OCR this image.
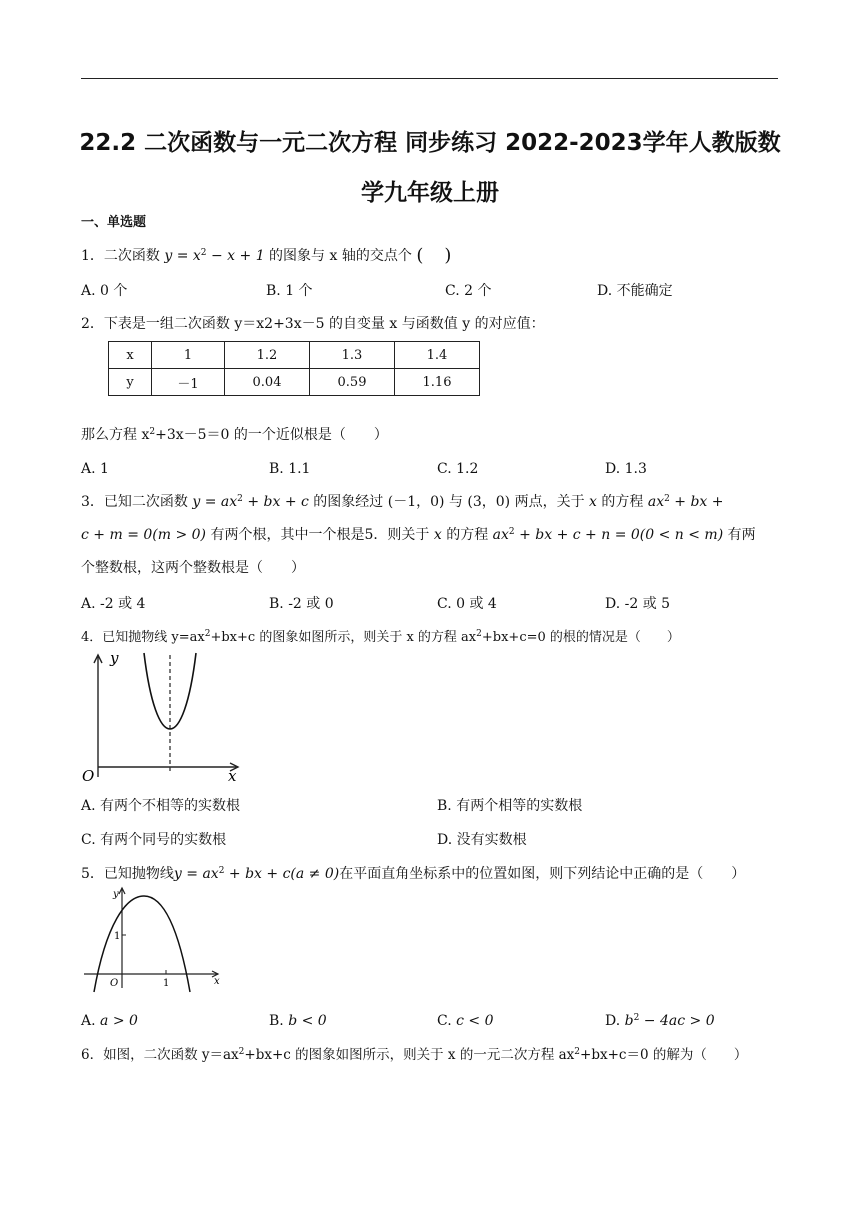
22.2 二次函数与一元二次方程 同步练习 2022-2023学年人教版数学九年级上册
一、单选题
1．二次函数 $y = x^2 - x + 1$ 的图象与 x 轴的交点个 (   )
A. 0 个	B. 1 个	C. 2 个	D. 不能确定
2．下表是一组二次函数 y＝x2+3x－5 的自变量 x 与函数值 y 的对应值：
x	1	1.2	1.3	1.4
y	－1	0.04	0.59	1.16
那么方程 $x^2+3x-5=0$ 的一个近似根是（　　）
A. 1	B. 1.1	C. 1.2	D. 1.3
3．已知二次函数 $y = ax^2$ + bx + c 的图象经过 (－1，0) 与 (3，0) 两点，关于 x 的方程 $ax^2$ + bx +
c + m = 0(m > 0) 有两个根，其中一个根是5．则关于 x 的方程 $ax^2$ + bx + c + n = 0(0 < n < m) 有两
个整数根，这两个整数根是（　　）
A. -2 或 4	B. -2 或 0	C. 0 或 4	D. -2 或 5
4．已知抛物线 $y=ax^2+bx+c$ 的图象如图所示，则关于 x 的方程 $ax^2+bx+c=0$ 的根的情况是（　　）
y
x
O
A. 有两个不相等的实数根	B. 有两个相等的实数根
C. 有两个同号的实数根	D. 没有实数根
5．已知抛物线$y = ax^2$ + bx + c(a ≠ 0)在平面直角坐标系中的位置如图，则下列结论中正确的是（　　）
y
x
O
1
1
A. a > 0	B. b < 0	C. c < 0	D. $b^2 - 4ac > 0$
6．如图，二次函数 $y=ax^2+bx+c$ 的图象如图所示，则关于 x 的一元二次方程 $ax^2+bx+c=0$ 的解为（　　）
